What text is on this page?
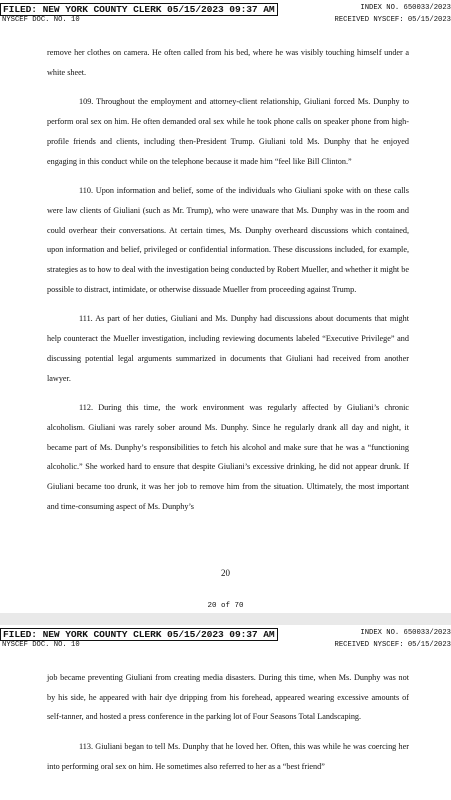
FILED: NEW YORK COUNTY CLERK 05/15/2023 09:37 AM	INDEX NO. 650033/2023
NYSCEF DOC. NO. 10	RECEIVED NYSCEF: 05/15/2023

remove her clothes on camera. He often called from his bed, where he was visibly touching himself under a white sheet.

109. Throughout the employment and attorney-client relationship, Giuliani forced Ms. Dunphy to perform oral sex on him. He often demanded oral sex while he took phone calls on speaker phone from high-profile friends and clients, including then-President Trump. Giuliani told Ms. Dunphy that he enjoyed engaging in this conduct while on the telephone because it made him “feel like Bill Clinton.”

110. Upon information and belief, some of the individuals who Giuliani spoke with on these calls were law clients of Giuliani (such as Mr. Trump), who were unaware that Ms. Dunphy was in the room and could overhear their conversations. At certain times, Ms. Dunphy overheard discussions which contained, upon information and belief, privileged or confidential information. These discussions included, for example, strategies as to how to deal with the investigation being conducted by Robert Mueller, and whether it might be possible to distract, intimidate, or otherwise dissuade Mueller from proceeding against Trump.

111. As part of her duties, Giuliani and Ms. Dunphy had discussions about documents that might help counteract the Mueller investigation, including reviewing documents labeled “Executive Privilege” and discussing potential legal arguments summarized in documents that Giuliani had received from another lawyer.

112. During this time, the work environment was regularly affected by Giuliani’s chronic alcoholism. Giuliani was rarely sober around Ms. Dunphy. Since he regularly drank all day and night, it became part of Ms. Dunphy’s responsibilities to fetch his alcohol and make sure that he was a “functioning alcoholic.” She worked hard to ensure that despite Giuliani’s excessive drinking, he did not appear drunk. If Giuliani became too drunk, it was her job to remove him from the situation. Ultimately, the most important and time-consuming aspect of Ms. Dunphy’s

20
20 of 70
FILED: NEW YORK COUNTY CLERK 05/15/2023 09:37 AM	INDEX NO. 650033/2023
NYSCEF DOC. NO. 10	RECEIVED NYSCEF: 05/15/2023

job became preventing Giuliani from creating media disasters. During this time, when Ms. Dunphy was not by his side, he appeared with hair dye dripping from his forehead, appeared wearing excessive amounts of self-tanner, and hosted a press conference in the parking lot of Four Seasons Total Landscaping.

113. Giuliani began to tell Ms. Dunphy that he loved her. Often, this was while he was coercing her into performing oral sex on him. He sometimes also referred to her as a “best friend”
